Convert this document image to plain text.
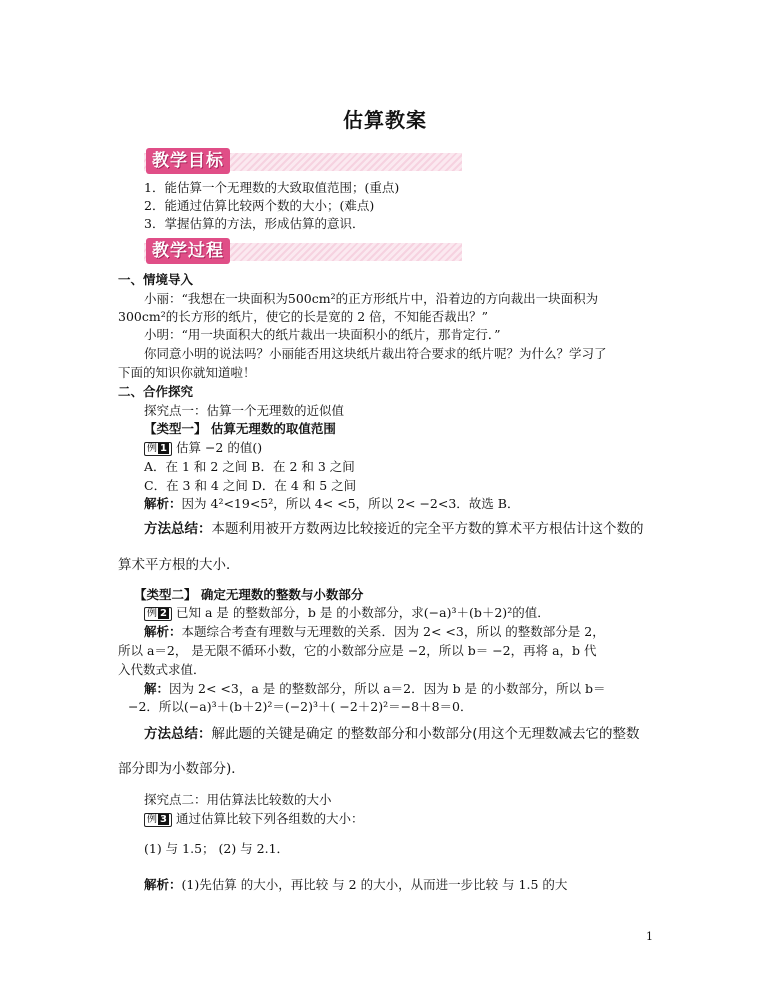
估算教案
教学目标
1．能估算一个无理数的大致取值范围；(重点)
2．能通过估算比较两个数的大小；(难点)
3．掌握估算的方法，形成估算的意识．
教学过程
一、情境导入
小丽：“我想在一块面积为500cm²的正方形纸片中，沿着边的方向裁出一块面积为
300cm²的长方形的纸片，使它的长是宽的 2 倍，不知能否裁出？”
小明：“用一块面积大的纸片裁出一块面积小的纸片，那肯定行．”
你同意小明的说法吗？小丽能否用这块纸片裁出符合要求的纸片呢？为什么？学习了
下面的知识你就知道啦！
二、合作探究
探究点一：估算一个无理数的近似值
【类型一】 估算无理数的取值范围
例 1 估算 −2 的值()
A．在 1 和 2 之间 B．在 2 和 3 之间
C．在 3 和 4 之间 D．在 4 和 5 之间
解析：因为 4²<19<5²，所以 4< <5，所以 2< −2<3．故选 B．
方法总结：本题利用被开方数两边比较接近的完全平方数的算术平方根估计这个数的
算术平方根的大小．
【类型二】 确定无理数的整数与小数部分
例 2 已知 a 是 的整数部分，b 是 的小数部分，求(−a)³＋(b＋2)²的值．
解析：本题综合考查有理数与无理数的关系．因为 2< <3，所以 的整数部分是 2，
所以 a＝2， 是无限不循环小数，它的小数部分应是 −2，所以 b＝ −2，再将 a，b 代
入代数式求值．
解：因为 2< <3，a 是 的整数部分，所以 a＝2．因为 b 是 的小数部分，所以 b＝
−2．所以(−a)³＋(b＋2)²＝(−2)³＋( −2＋2)²＝−8＋8＝0．
方法总结：解此题的关键是确定 的整数部分和小数部分(用这个无理数减去它的整数
部分即为小数部分)．
探究点二：用估算法比较数的大小
例 3 通过估算比较下列各组数的大小：
(1) 与 1.5； (2) 与 2.1．
解析：(1)先估算 的大小，再比较 与 2 的大小，从而进一步比较 与 1.5 的大
1
